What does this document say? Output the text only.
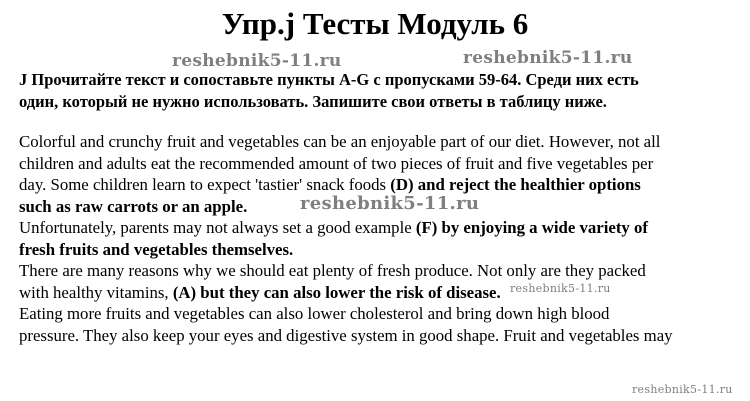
Упр.j Тесты Модуль 6
reshebnik5-11.ru	reshebnik5-11.ru
J Прочитайте текст и сопоставьте пункты A-G с пропусками 59-64. Среди них есть
один, который не нужно использовать. Запишите свои ответы в таблицу ниже.
Colorful and crunchy fruit and vegetables can be an enjoyable part of our diet. However, not all
children and adults eat the recommended amount of two pieces of fruit and five vegetables per
day. Some children learn to expect 'tastier' snack foods (D) and reject the healthier options
such as raw carrots or an apple.
Unfortunately, parents may not always set a good example (F) by enjoying a wide variety of
fresh fruits and vegetables themselves.
There are many reasons why we should eat plenty of fresh produce. Not only are they packed
with healthy vitamins, (A) but they can also lower the risk of disease.
Eating more fruits and vegetables can also lower cholesterol and bring down high blood
pressure. They also keep your eyes and digestive system in good shape. Fruit and vegetables may
reshebnik5-11.ru
reshebnik5-11.ru
reshebnik5-11.ru
